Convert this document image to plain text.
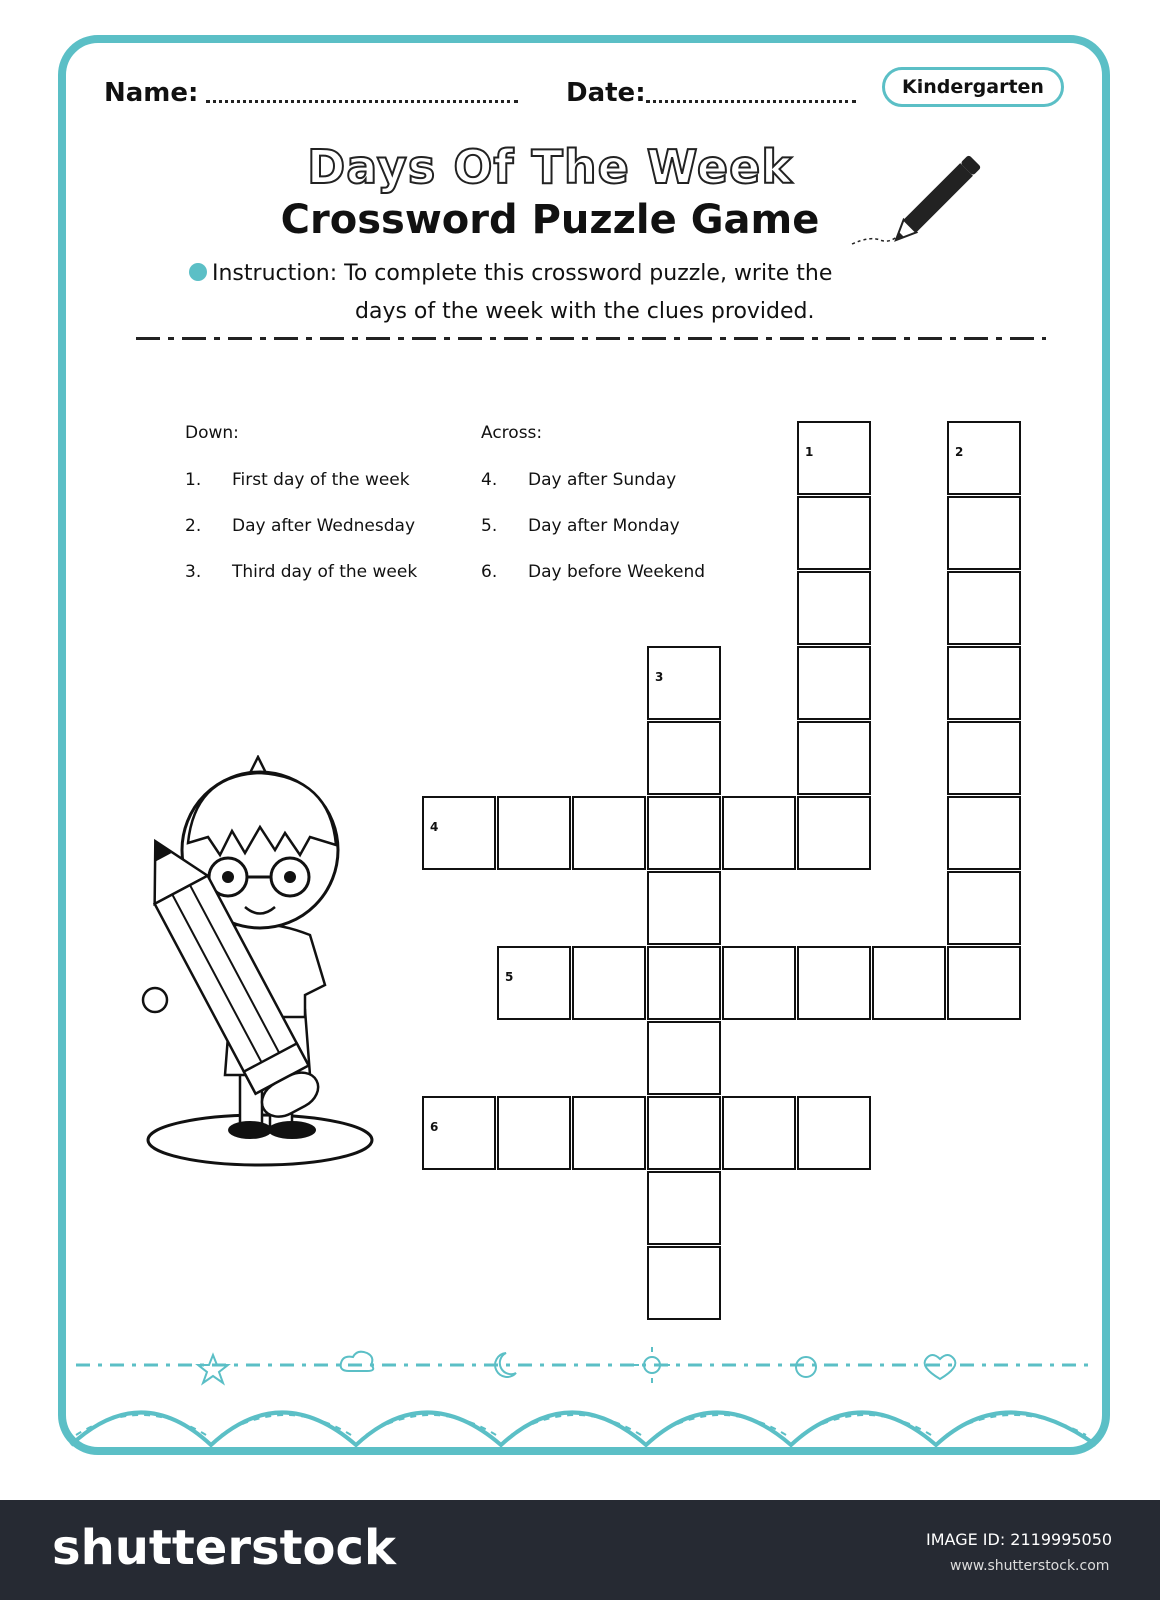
Name:	Date:	Kindergarten
Days Of The Week
Crossword Puzzle Game
Instruction: To complete this crossword puzzle, write the
days of the week with the clues provided.
Down:
1. First day of the week
2. Day after Wednesday
3. Third day of the week
Across:
4. Day after Sunday
5. Day after Monday
6. Day before Weekend
1	2
3
4
5
6
shutterstock	IMAGE ID: 2119995050
www.shutterstock.com
